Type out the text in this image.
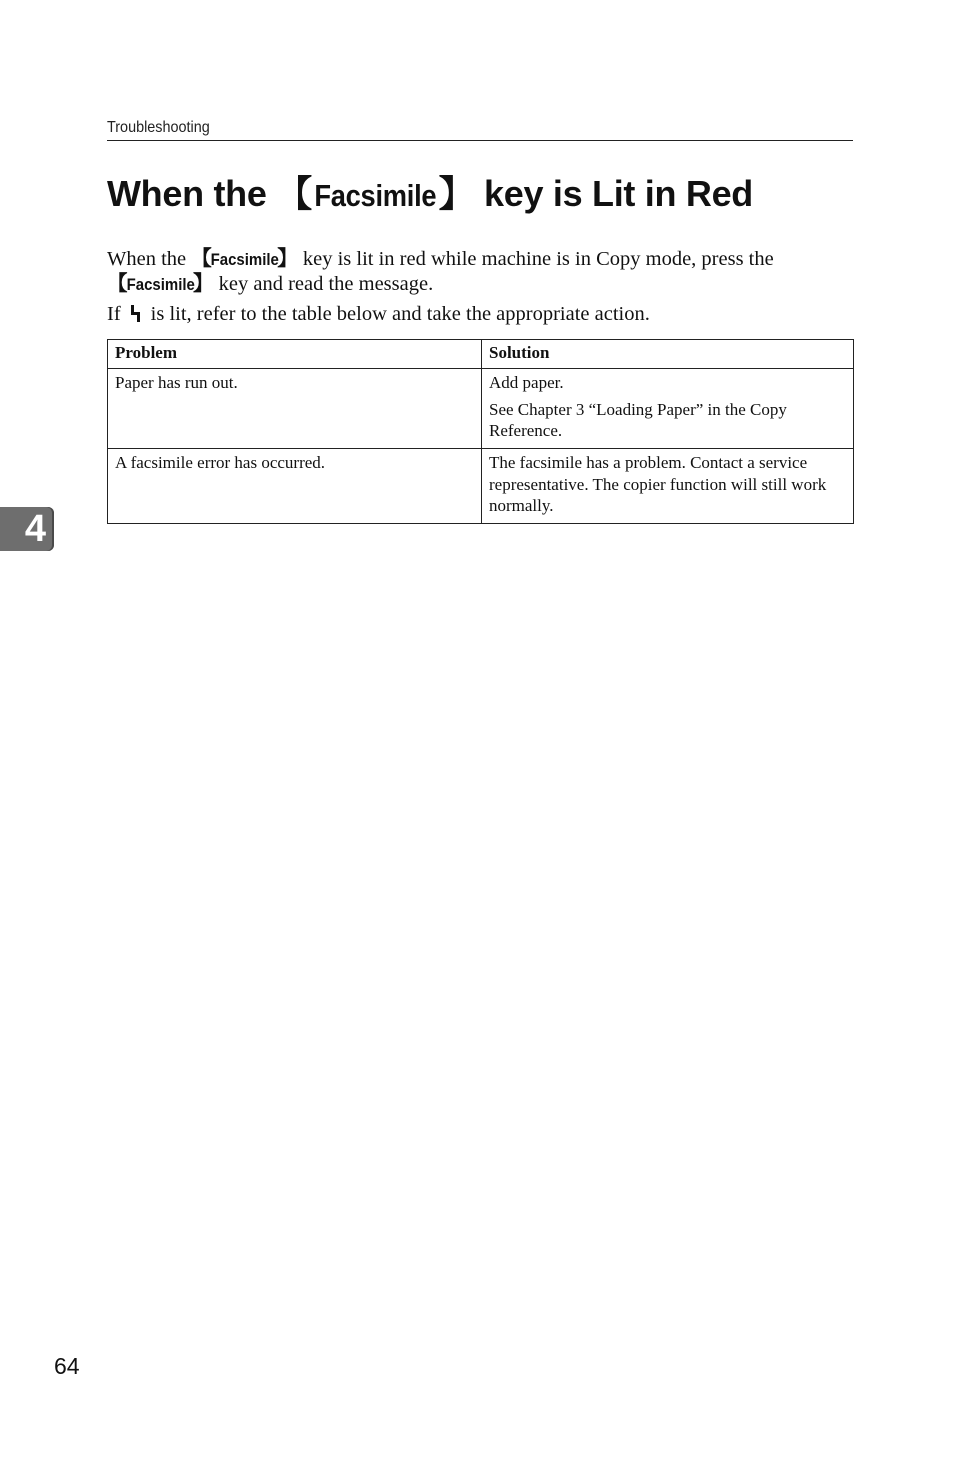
Troubleshooting
When the 【Facsimile】 key is Lit in Red

When the 【Facsimile】 key is lit in red while machine is in Copy mode, press the
【Facsimile】 key and read the message.

If is lit, refer to the table below and take the appropriate action.

Problem	Solution
Paper has run out.	Add paper.

See Chapter 3 “Loading Paper” in the Copy Reference.

A facsimile error has occurred.	The facsimile has a problem. Contact a service representative. The copier function will still work normally.

4
64
